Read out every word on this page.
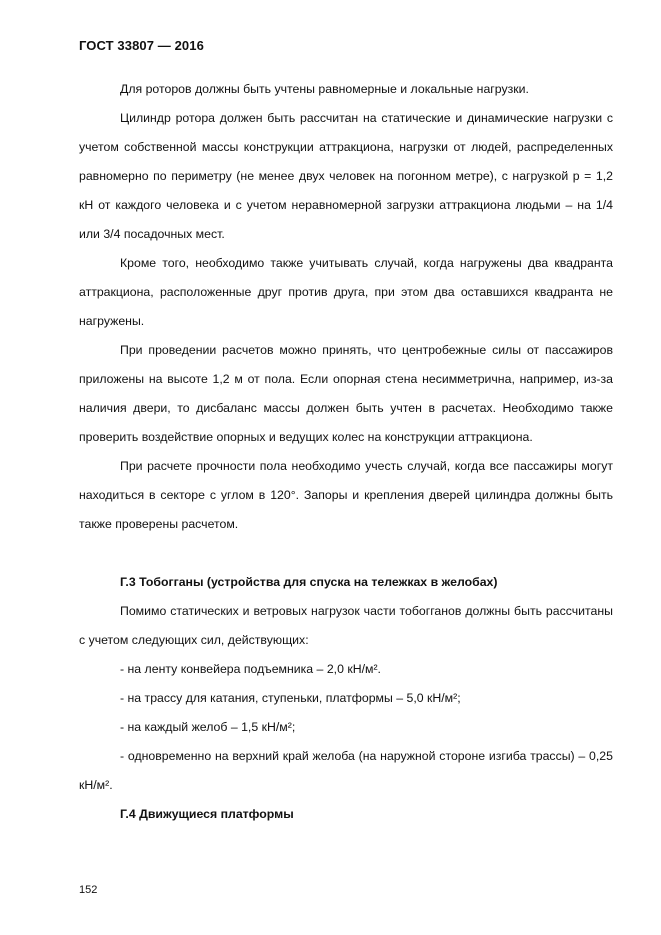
ГОСТ 33807 — 2016

Для роторов должны быть учтены равномерные и локальные нагрузки.

Цилиндр ротора должен быть рассчитан на статические и динамические нагрузки с учетом собственной массы конструкции аттракциона, нагрузки от людей, распределенных равномерно по периметру (не менее двух человек на погонном метре), с нагрузкой p = 1,2 кН от каждого человека и с учетом неравномерной загрузки аттракциона людьми – на 1/4 или 3/4 посадочных мест.

Кроме того, необходимо также учитывать случай, когда нагружены два квадранта аттракциона, расположенные друг против друга, при этом два оставшихся квадранта не нагружены.

При проведении расчетов можно принять, что центробежные силы от пассажиров приложены на высоте 1,2 м от пола. Если опорная стена несимметрична, например, из-за наличия двери, то дисбаланс массы должен быть учтен в расчетах. Необходимо также проверить воздействие опорных и ведущих колес на конструкции аттракциона.

При расчете прочности пола необходимо учесть случай, когда все пассажиры могут находиться в секторе с углом в 120°. Запоры и крепления дверей цилиндра должны быть также проверены расчетом.

Г.3 Тобогганы (устройства для спуска на тележках в желобах)

Помимо статических и ветровых нагрузок части тобогганов должны быть рассчитаны с учетом следующих сил, действующих:

- на ленту конвейера подъемника – 2,0 кН/м².

- на трассу для катания, ступеньки, платформы – 5,0 кН/м²;

- на каждый желоб – 1,5 кН/м²;

- одновременно на верхний край желоба (на наружной стороне изгиба трассы) – 0,25 кН/м².

Г.4 Движущиеся платформы

152
